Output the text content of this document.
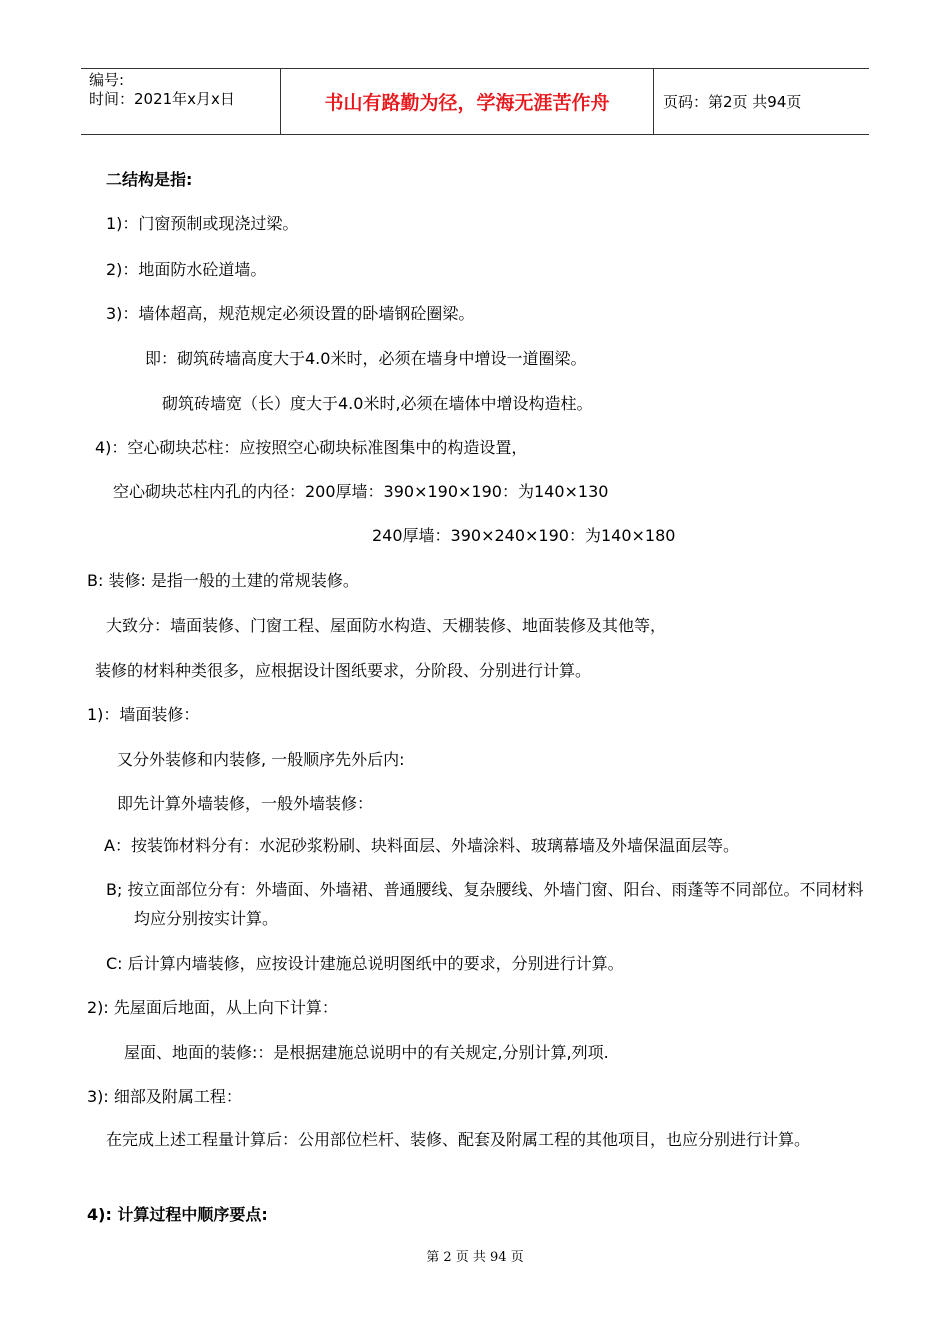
编号:
时间：2021年x月x日	书山有路勤为径，学海无涯苦作舟	页码：第2页 共94页
二结构是指:
1)：门窗预制或现浇过梁。
2)：地面防水砼道墙。
3)：墙体超高，规范规定必须设置的卧墙钢砼圈梁。
即：砌筑砖墙高度大于4.0米时，必须在墙身中增设一道圈梁。
砌筑砖墙宽（长）度大于4.0米时,必须在墙体中增设构造柱。
4)：空心砌块芯柱：应按照空心砌块标准图集中的构造设置，
空心砌块芯柱内孔的内径：200厚墙：390×190×190：为140×130
240厚墙：390×240×190：为140×180
B: 装修: 是指一般的土建的常规装修。
大致分：墙面装修、门窗工程、屋面防水构造、天棚装修、地面装修及其他等，
装修的材料种类很多，应根据设计图纸要求，分阶段、分别进行计算。
1)：墙面装修：
又分外装修和内装修, 一般顺序先外后内:
即先计算外墙装修，一般外墙装修：
A：按装饰材料分有：水泥砂浆粉刷、块料面层、外墙涂料、玻璃幕墙及外墙保温面层等。
B; 按立面部位分有：外墙面、外墙裙、普通腰线、复杂腰线、外墙门窗、阳台、雨蓬等不同部位。不同材料均应分别按实计算。
C: 后计算内墙装修，应按设计建施总说明图纸中的要求，分别进行计算。
2): 先屋面后地面，从上向下计算：
屋面、地面的装修:：是根据建施总说明中的有关规定,分别计算,列项.
3): 细部及附属工程：
在完成上述工程量计算后：公用部位栏杆、装修、配套及附属工程的其他项目，也应分别进行计算。
4): 计算过程中顺序要点:
第 2 页 共 94 页
